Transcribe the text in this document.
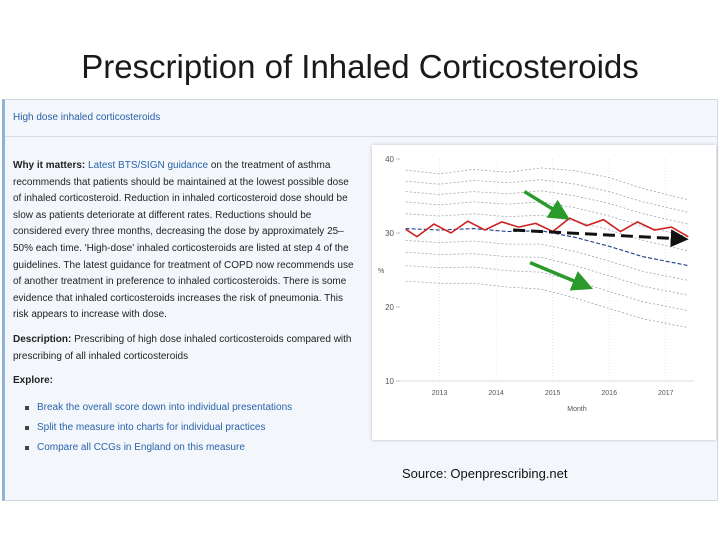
Prescription of Inhaled Corticosteroids
High dose inhaled corticosteroids

Why it matters: Latest BTS/SIGN guidance on the treatment of asthma recommends that patients should be maintained at the lowest possible dose of inhaled corticosteroid. Reduction in inhaled corticosteroid dose should be slow as patients deteriorate at different rates. Reductions should be considered every three months, decreasing the dose by approximately 25–50% each time. 'High-dose' inhaled corticosteroids are listed at step 4 of the guidelines. The latest guidance for treatment of COPD now recommends use of another treatment in preference to inhaled corticosteroids. There is some evidence that inhaled corticosteroids increases the risk of pneumonia. This risk appears to increase with dose.

Description: Prescribing of high dose inhaled corticosteroids compared with prescribing of all inhaled corticosteroids

Explore:
Break the overall score down into individual presentations
Split the measure into charts for individual practices
Compare all CCGs in England on this measure
10
20
30
40
%
2013	2014	2015	2016	2017
Month
Source: Openprescribing.net
